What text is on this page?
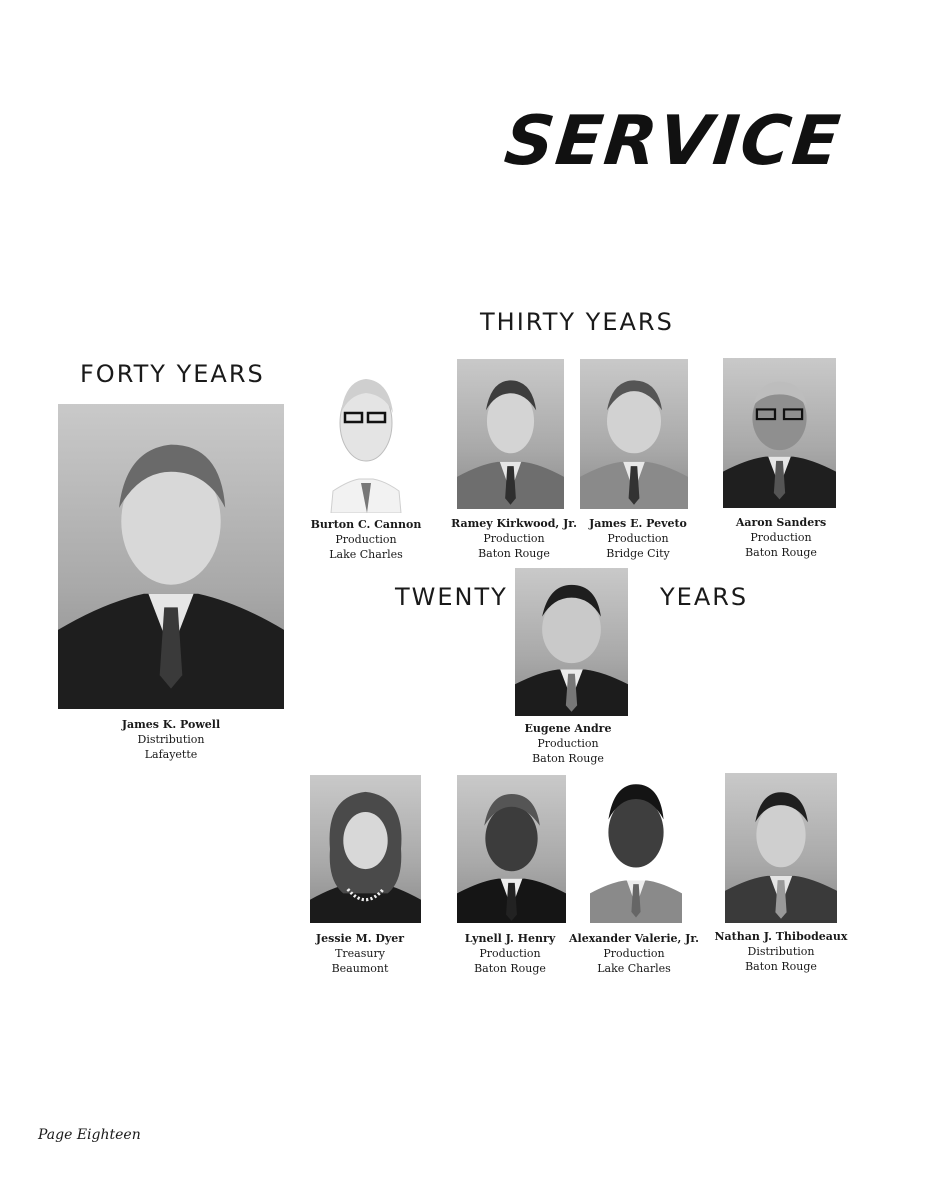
SERVICE
FORTY YEARS
THIRTY YEARS
TWENTY	YEARS
James K. Powell
Distribution
Lafayette
Burton C. Cannon
Production
Lake Charles
Ramey Kirkwood, Jr.
Production
Baton Rouge
James E. Peveto
Production
Bridge City
Aaron Sanders
Production
Baton Rouge
Eugene Andre
Production
Baton Rouge
Jessie M. Dyer
Treasury
Beaumont
Lynell J. Henry
Production
Baton Rouge
Alexander Valerie, Jr.
Production
Lake Charles
Nathan J. Thibodeaux
Distribution
Baton Rouge
Page Eighteen
